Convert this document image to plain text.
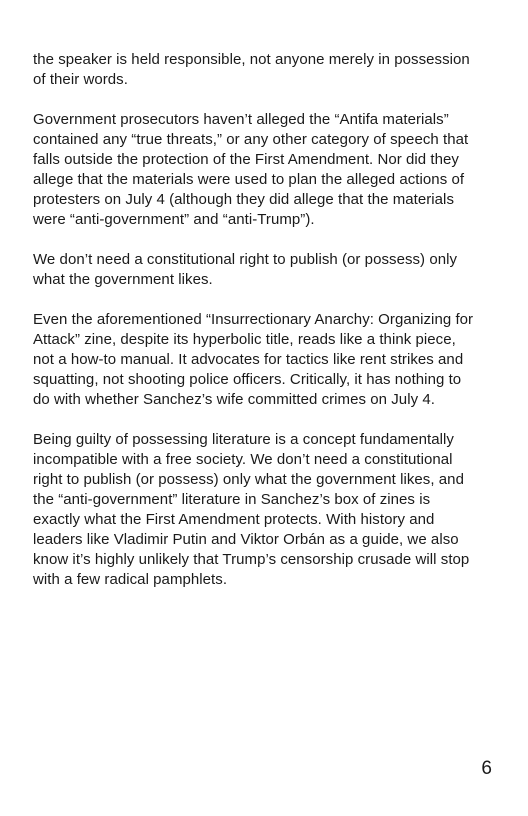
the speaker is held responsible, not anyone merely in possession of their words.

Government prosecutors haven’t alleged the “Antifa materials” contained any “true threats,” or any other category of speech that falls outside the protection of the First Amendment. Nor did they allege that the materials were used to plan the alleged actions of protesters on July 4 (although they did allege that the materials were “anti-government” and “anti-Trump”).

We don’t need a constitutional right to publish (or possess) only what the government likes.

Even the aforementioned “Insurrectionary Anarchy: Organizing for Attack” zine, despite its hyperbolic title, reads like a think piece, not a how-to manual. It advocates for tactics like rent strikes and squatting, not shooting police officers. Critically, it has nothing to do with whether Sanchez’s wife committed crimes on July 4.

Being guilty of possessing literature is a concept fundamentally incompatible with a free society. We don’t need a constitutional right to publish (or possess) only what the government likes, and the “anti-government” literature in Sanchez’s box of zines is exactly what the First Amendment protects. With history and leaders like Vladimir Putin and Viktor Orbán as a guide, we also know it’s highly unlikely that Trump’s censorship crusade will stop with a few radical pamphlets.

6
